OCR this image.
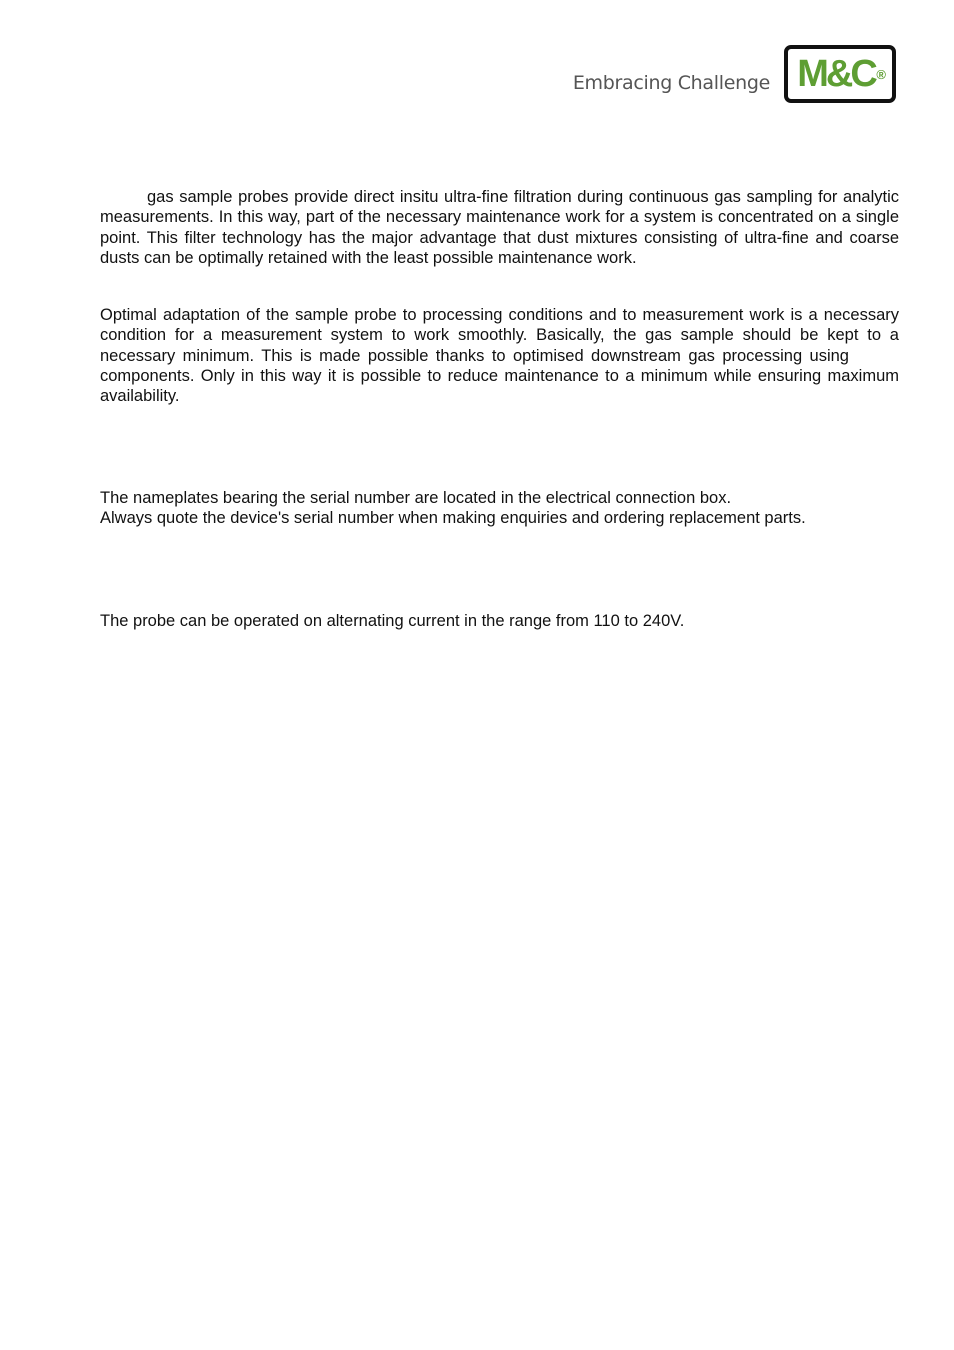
Embracing Challenge M&C ®

gas sample probes provide direct insitu ultra-fine filtration during continuous gas sampling for analytic measurements. In this way, part of the necessary maintenance work for a system is concentrated on a single point. This filter technology has the major advantage that dust mixtures consisting of ultra-fine and coarse dusts can be optimally retained with the least possible maintenance work.

Optimal adaptation of the sample probe to processing conditions and to measurement work is a necessary condition for a measurement system to work smoothly. Basically, the gas sample should be kept to a necessary minimum. This is made possible thanks to optimised downstream gas processing usingcomponents. Only in this way it is possible to reduce maintenance to a minimum while ensuring maximum availability.

The nameplates bearing the serial number are located in the electrical connection box.
Always quote the device's serial number when making enquiries and ordering replacement parts.

The probe can be operated on alternating current in the range from 110 to 240V.
